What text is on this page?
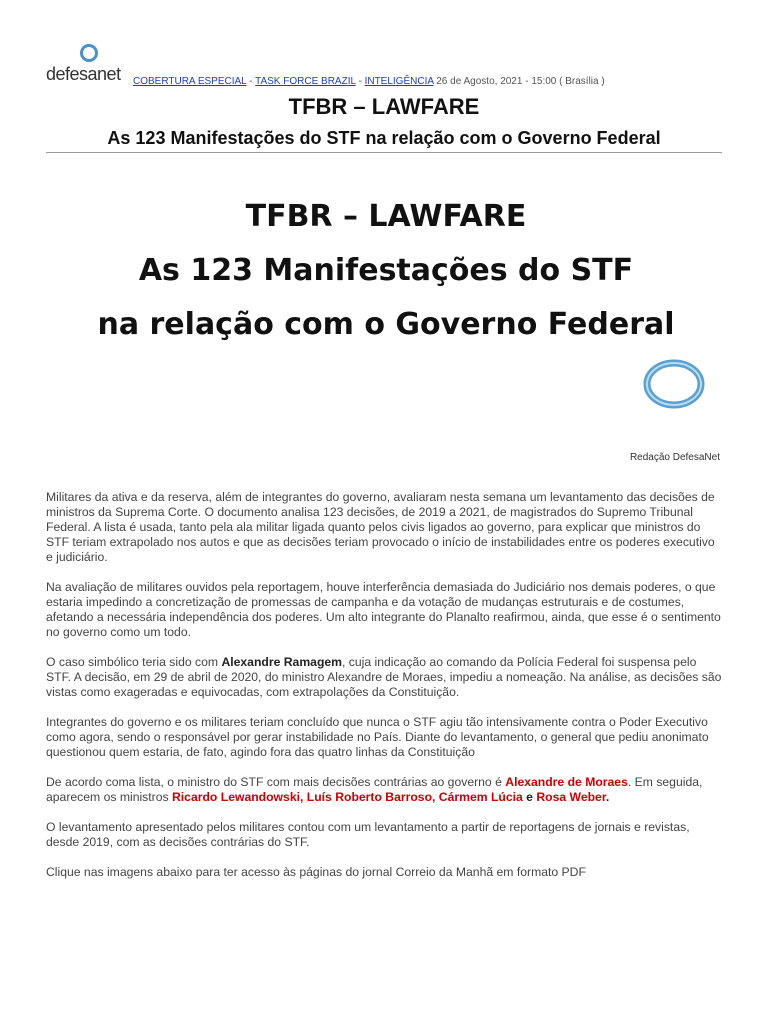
defesanet COBERTURA ESPECIAL - TASK FORCE BRAZIL - INTELIGÊNCIA 26 de Agosto, 2021 - 15:00 ( Brasília )
TFBR – LAWFARE
As 123 Manifestações do STF na relação com o Governo Federal

TFBR – LAWFARE

As 123 Manifestações do STF

na relação com o Governo Federal

Redação DefesaNet

Militares da ativa e da reserva, além de integrantes do governo, avaliaram nesta semana um levantamento das decisões de ministros da Suprema Corte. O documento analisa 123 decisões, de 2019 a 2021, de magistrados do Supremo Tribunal Federal. A lista é usada, tanto pela ala militar ligada quanto pelos civis ligados ao governo, para explicar que ministros do STF teriam extrapolado nos autos e que as decisões teriam provocado o início de instabilidades entre os poderes executivo e judiciário.

Na avaliação de militares ouvidos pela reportagem, houve interferência demasiada do Judiciário nos demais poderes, o que estaria impedindo a concretização de promessas de campanha e da votação de mudanças estruturais e de costumes, afetando a necessária independência dos poderes. Um alto integrante do Planalto reafirmou, ainda, que esse é o sentimento no governo como um todo.

O caso simbólico teria sido com Alexandre Ramagem, cuja indicação ao comando da Polícia Federal foi suspensa pelo STF. A decisão, em 29 de abril de 2020, do ministro Alexandre de Moraes, impediu a nomeação. Na análise, as decisões são vistas como exageradas e equivocadas, com extrapolações da Constituição.

Integrantes do governo e os militares teriam concluído que nunca o STF agiu tão intensivamente contra o Poder Executivo como agora, sendo o responsável por gerar instabilidade no País. Diante do levantamento, o general que pediu anonimato questionou quem estaria, de fato, agindo fora das quatro linhas da Constituição

De acordo coma lista, o ministro do STF com mais decisões contrárias ao governo é Alexandre de Moraes. Em seguida, aparecem os ministros Ricardo Lewandowski, Luís Roberto Barroso, Cármem Lúcia e Rosa Weber.

O levantamento apresentado pelos militares contou com um levantamento a partir de reportagens de jornais e revistas, desde 2019, com as decisões contrárias do STF.

Clique nas imagens abaixo para ter acesso às páginas do jornal Correio da Manhã em formato PDF
